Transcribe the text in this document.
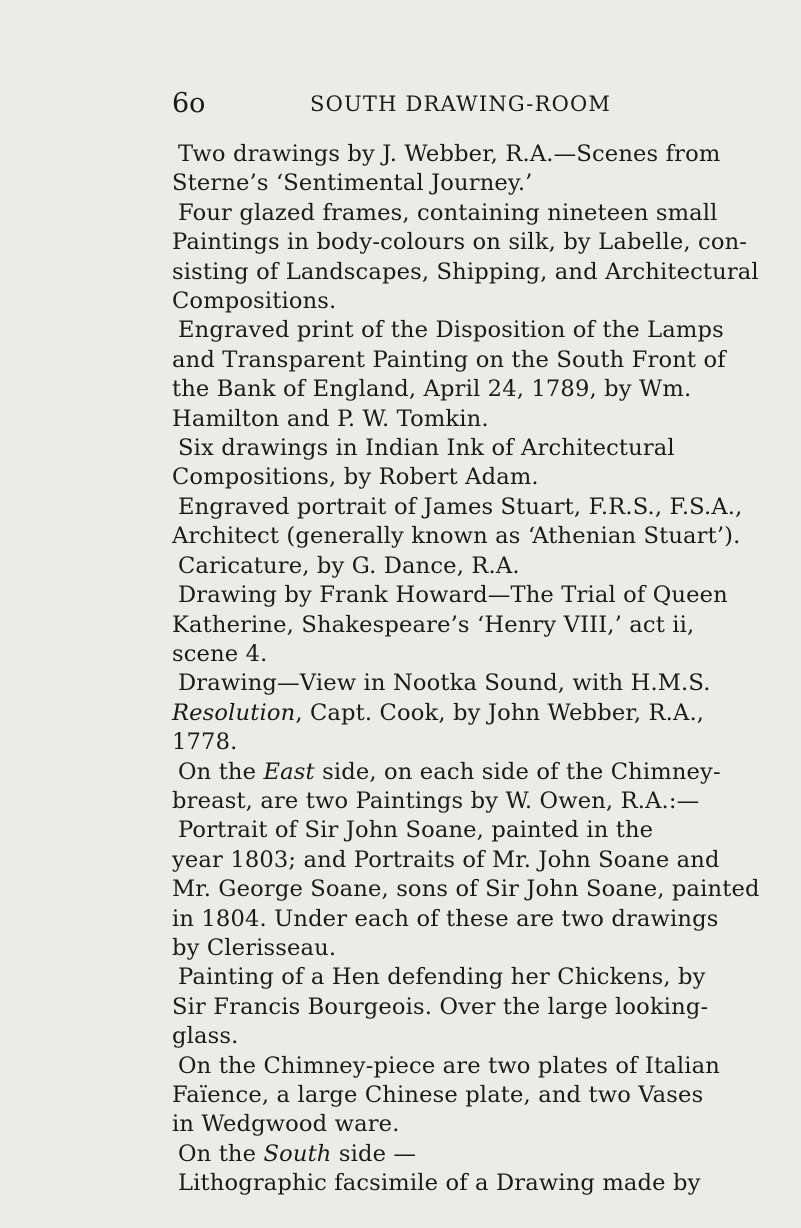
6o	SOUTH DRAWING-ROOM

Two drawings by J. Webber, R.A.—Scenes from
Sterne’s ‘Sentimental Journey.’

Four glazed frames, containing nineteen small
Paintings in body-colours on silk, by Labelle, con-
sisting of Landscapes, Shipping, and Architectural
Compositions.

Engraved print of the Disposition of the Lamps
and Transparent Painting on the South Front of
the Bank of England, April 24, 1789, by Wm.
Hamilton and P. W. Tomkin.

Six drawings in Indian Ink of Architectural
Compositions, by Robert Adam.

Engraved portrait of James Stuart, F.R.S., F.S.A.,
Architect (generally known as ‘Athenian Stuart’).

Caricature, by G. Dance, R.A.

Drawing by Frank Howard—The Trial of Queen
Katherine, Shakespeare’s ‘Henry VIII,’ act ii,
scene 4.

Drawing—View in Nootka Sound, with H.M.S.
Resolution, Capt. Cook, by John Webber, R.A.,
1778.

On the East side, on each side of the Chimney-
breast, are two Paintings by W. Owen, R.A.:—

Portrait of Sir John Soane, painted in the
year 1803; and Portraits of Mr. John Soane and
Mr. George Soane, sons of Sir John Soane, painted
in 1804. Under each of these are two drawings
by Clerisseau.

Painting of a Hen defending her Chickens, by
Sir Francis Bourgeois. Over the large looking-
glass.

On the Chimney-piece are two plates of Italian
Faïence, a large Chinese plate, and two Vases
in Wedgwood ware.

On the South side —

Lithographic facsimile of a Drawing made by
